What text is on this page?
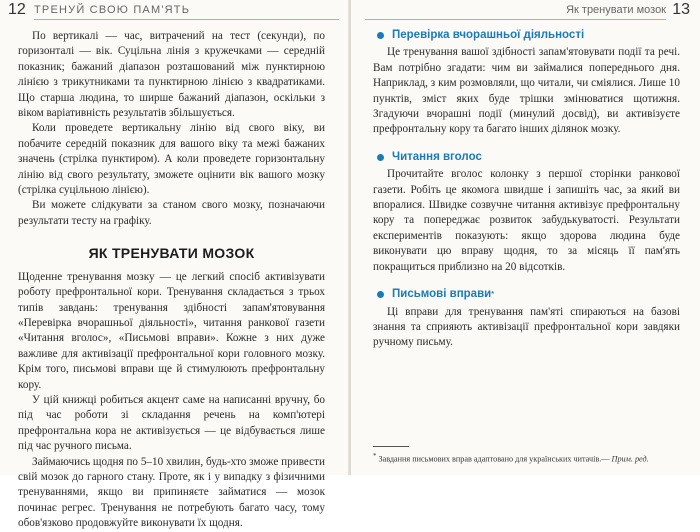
12 ТРЕНУЙ СВОЮ ПАМ'ЯТЬ

По вертикалі — час, витрачений на тест (секунди), по горизонталі — вік. Суцільна лінія з кружечками — середній показник; бажаний діапазон розташований між пунктирною лінією з трикутниками та пунктирною лінією з квадратиками. Що старша людина, то ширше бажаний діапазон, оскільки з віком варіативність результатів збільшується.

Коли проведете вертикальну лінію від свого віку, ви побачите середній показник для вашого віку та межі бажаних значень (стрілка пунктиром). А коли проведете горизонтальну лінію від свого результату, зможете оцінити вік вашого мозку (стрілка суцільною лінією).

Ви можете слідкувати за станом свого мозку, позначаючи результати тесту на графіку.

ЯК ТРЕНУВАТИ МОЗОК

Щоденне тренування мозку — це легкий спосіб активізувати роботу префронтальної кори. Тренування складається з трьох типів завдань: тренування здібності запам'ятовування «Перевірка вчорашньої діяльності», читання ранкової газети «Читання вголос», «Письмові вправи». Кожне з них дуже важливе для активізації префронтальної кори головного мозку. Крім того, письмові вправи ще й стимулюють префронтальну кору.

У цій книжці робиться акцент саме на написанні вручну, бо під час роботи зі складання речень на комп'ютері префронтальна кора не активізується — це відбувається лише під час ручного письма.

Займаючись щодня по 5–10 хвилин, будь-хто зможе привести свій мозок до гарного стану. Проте, як і у випадку з фізичними тренуваннями, якщо ви припиняєте займатися — мозок починає регрес. Тренування не потребують багато часу, тому обов'язково продовжуйте виконувати їх щодня.

Як тренувати мозок 13
Перевірка вчорашньої діяльності

Це тренування вашої здібності запам'ятовувати події та речі. Вам потрібно згадати: чим ви займалися попереднього дня. Наприклад, з ким розмовляли, що читали, чи сміялися. Лише 10 пунктів, зміст яких буде трішки змінюватися щотижня. Згадуючи вчорашні події (минулий досвід), ви активізуєте префронтальну кору та багато інших ділянок мозку.

Читання вголос

Прочитайте вголос колонку з першої сторінки ранкової газети. Робіть це якомога швидше і запишіть час, за який ви впоралися. Швидке созвучне читання активізує префронтальну кору та попереджає розвиток забудькуватості. Результати експериментів показують: якщо здорова людина буде виконувати цю вправу щодня, то за місяць її пам'ять покращиться приблизно на 20 відсотків.

Письмові вправи *

Ці вправи для тренування пам'яті спираються на базові знання та сприяють активізації префронтальної кори завдяки ручному письму.

* Завдання письмових вправ адаптовано для українських читачів.— Прим. ред.
